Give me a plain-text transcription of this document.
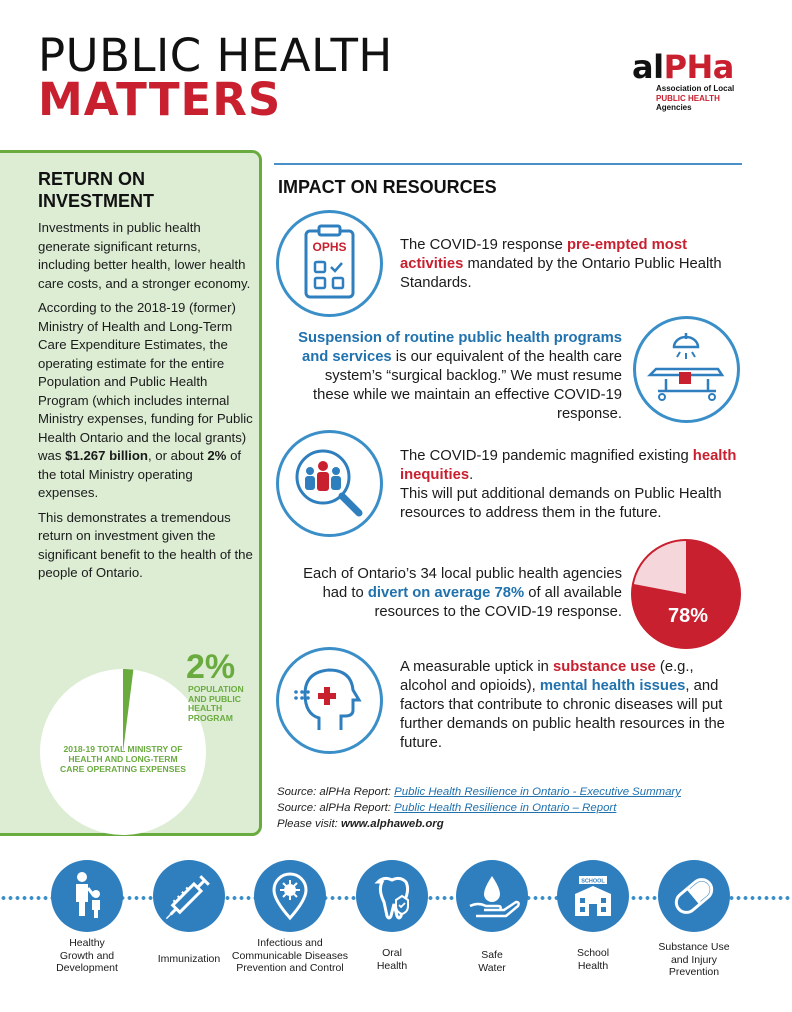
PUBLIC HEALTH
MATTERS
alPHa
Association of Local
PUBLIC HEALTH
Agencies
RETURN ON
INVESTMENT

Investments in public health generate significant returns, including better health, lower health care costs, and a stronger economy.

According to the 2018-19 (former) Ministry of Health and Long-Term Care Expenditure Estimates, the operating estimate for the entire Population and Public Health Program (which includes internal Ministry expenses, funding for Public Health Ontario and the local grants) was $1.267 billion, or about 2% of the total Ministry operating expenses.

This demonstrates a tremendous return on investment given the significant benefit to the health of the people of Ontario.

2%
POPULATION AND PUBLIC HEALTH PROGRAM
2018-19 TOTAL MINISTRY OF HEALTH AND LONG-TERM CARE OPERATING EXPENSES
IMPACT ON RESOURCES
OPHS	The COVID-19 response pre-empted most activities mandated by the Ontario Public Health Standards.
Suspension of routine public health programs and services is our equivalent of the health care system’s “surgical backlog.” We must resume these while we maintain an effective COVID-19 response.
The COVID-19 pandemic magnified existing health inequities.
This will put additional demands on Public Health resources to address them in the future.
Each of Ontario’s 34 local public health agencies had to divert on average 78% of all available resources to the COVID-19 response. 78%
A measurable uptick in substance use (e.g., alcohol and opioids), mental health issues, and factors that contribute to chronic diseases will put further demands on public health resources in the future.
Source: alPHa Report: Public Health Resilience in Ontario - Executive Summary
Source: alPHa Report: Public Health Resilience in Ontario – Report
Please visit: www.alphaweb.org
SCHOOL
Healthy
Growth and
Development
Immunization
Infectious and
Communicable Diseases
Prevention and Control
Oral
Health
Safe
Water
School
Health
Substance Use
and Injury
Prevention
